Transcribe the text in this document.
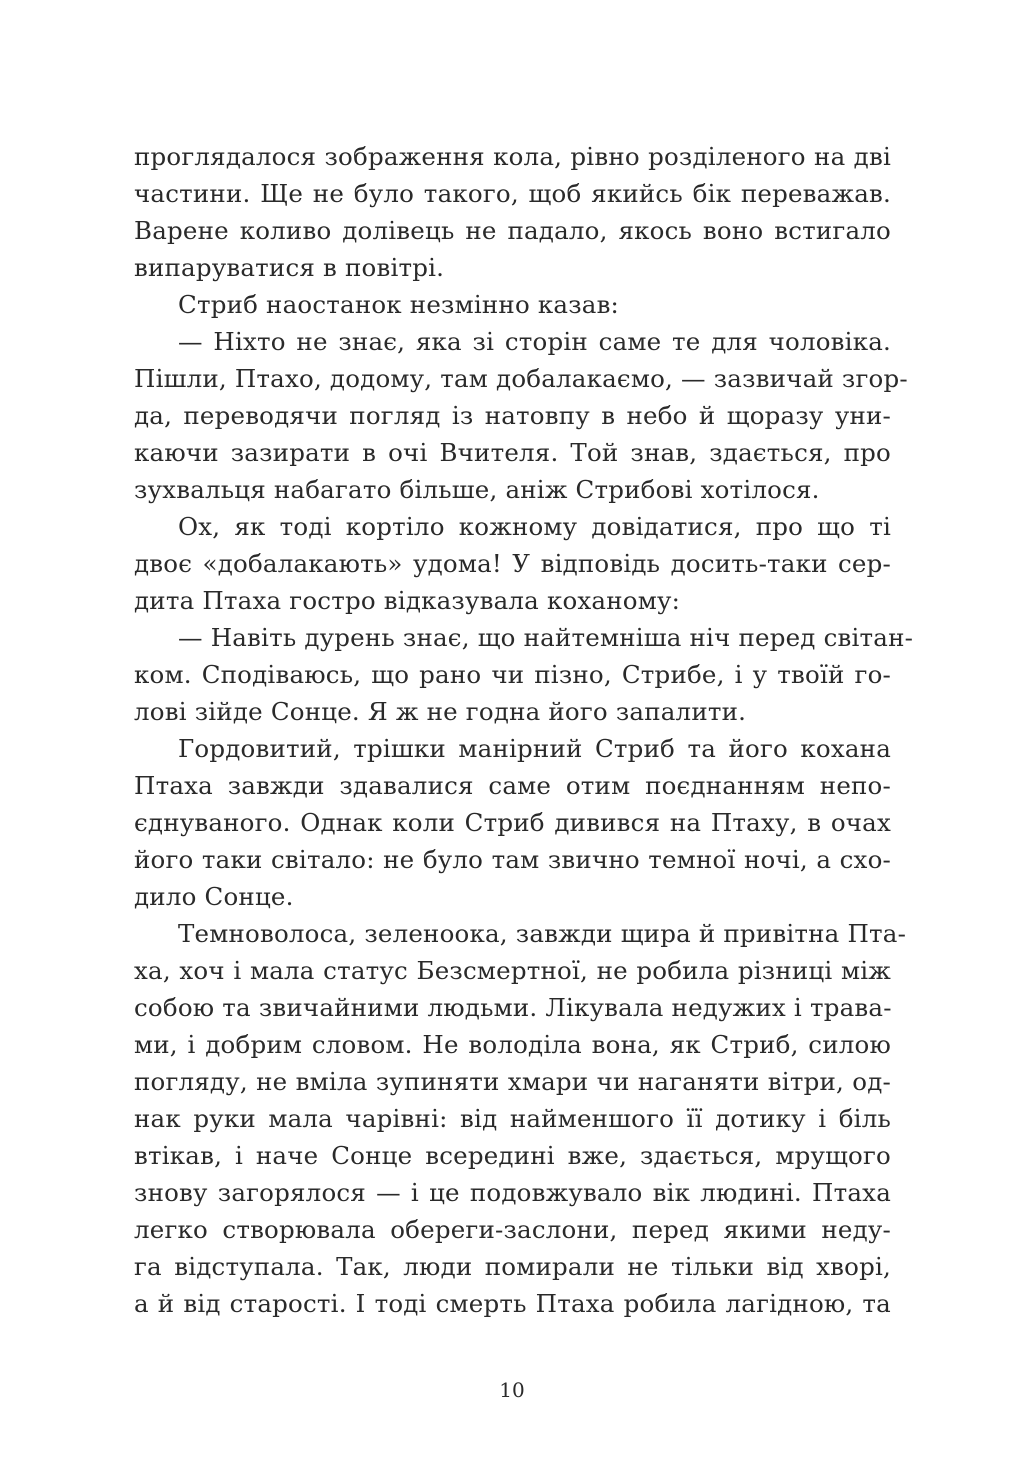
проглядалося зображення кола, рівно розділеного на дві
частини. Ще не було такого, щоб якийсь бік переважав.
Варене коливо долівець не падало, якось воно встигало
випаруватися в повітрі.
Стриб наостанок незмінно казав:
— Ніхто не знає, яка зі сторін саме те для чоловіка.
Пішли, Птахо, додому, там добалакаємо, — зазвичай згор-
да, переводячи погляд із натовпу в небо й щоразу уни-
каючи зазирати в очі Вчителя. Той знав, здається, про
зухвальця набагато більше, аніж Стрибові хотілося.
Ох, як тоді кортіло кожному довідатися, про що ті
двоє «добалакають» удома! У відповідь досить-таки сер-
дита Птаха гостро відказувала коханому:
— Навіть дурень знає, що найтемніша ніч перед світан-
ком. Сподіваюсь, що рано чи пізно, Стрибе, і у твоїй го-
лові зійде Сонце. Я ж не годна його запалити.
Гордовитий, трішки манірний Стриб та його кохана
Птаха завжди здавалися саме отим поєднанням непо-
єднуваного. Однак коли Стриб дивився на Птаху, в очах
його таки світало: не було там звично темної ночі, а схо-
дило Сонце.
Темноволоса, зеленоока, завжди щира й привітна Пта-
ха, хоч і мала статус Безсмертної, не робила різниці між
собою та звичайними людьми. Лікувала недужих і трава-
ми, і добрим словом. Не володіла вона, як Стриб, силою
погляду, не вміла зупиняти хмари чи наганяти вітри, од-
нак руки мала чарівні: від найменшого її дотику і біль
втікав, і наче Сонце всередині вже, здається, мрущого
знову загорялося — і це подовжувало вік людині. Птаха
легко створювала обереги-заслони, перед якими неду-
га відступала. Так, люди помирали не тільки від хворі,
а й від старості. І тоді смерть Птаха робила лагідною, та
10
